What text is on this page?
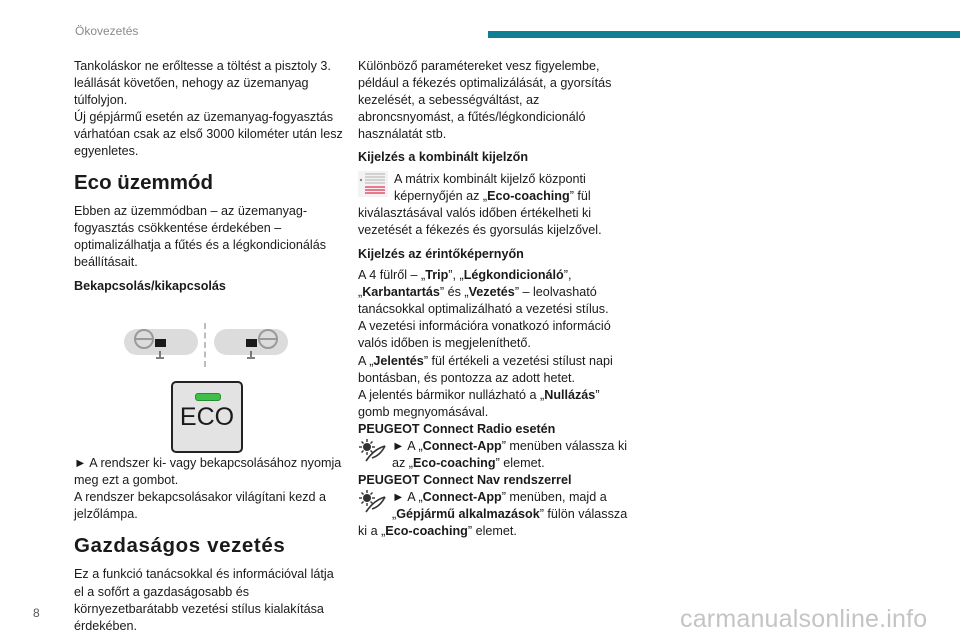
Ökovezetés

Tankoláskor ne erőltesse a töltést a pisztoly 3. leállását követően, nehogy az üzemanyag túlfolyjon.

Új gépjármű esetén az üzemanyag-fogyasztás várhatóan csak az első 3000 kilométer után lesz egyenletes.

Eco üzemmód

Ebben az üzemmódban – az üzemanyag-fogyasztás csökkentése érdekében – optimalizálhatja a fűtés és a légkondicionálás beállításait.

Bekapcsolás/kikapcsolás
ECO

► A rendszer ki- vagy bekapcsolásához nyomja meg ezt a gombot.

A rendszer bekapcsolásakor világítani kezd a jelzőlámpa.

Gazdaságos vezetés

Ez a funkció tanácsokkal és információval látja el a sofőrt a gazdaságosabb és környezetbarátabb vezetési stílus kialakítása érdekében.

Különböző paramétereket vesz figyelembe, például a fékezés optimalizálását, a gyorsítás kezelését, a sebességváltást, az abroncsnyomást, a fűtés/légkondicionáló használatát stb.

Kijelzés a kombinált kijelzőn

A mátrix kombinált kijelző központi képernyőjén az „Eco-coaching” fül kiválasztásával valós időben értékelheti ki vezetését a fékezés és gyorsulás kijelzővel.

Kijelzés az érintőképernyőn

A 4 fülről – „Trip”, „Légkondicionáló”, „Karbantartás” és „Vezetés” – leolvasható tanácsokkal optimalizálható a vezetési stílus.

A vezetési információra vonatkozó információ valós időben is megjeleníthető.

A „Jelentés” fül értékeli a vezetési stílust napi bontásban, és pontozza az adott hetet.

A jelentés bármikor nullázható a „Nullázás” gomb megnyomásával.

PEUGEOT Connect Radio esetén

► A „Connect-App” menüben válassza ki az „Eco-coaching” elemet.

PEUGEOT Connect Nav rendszerrel

► A „Connect-App” menüben, majd a „Gépjármű alkalmazások” fülön válassza ki a „Eco-coaching” elemet.

8	carmanualsonline.info
